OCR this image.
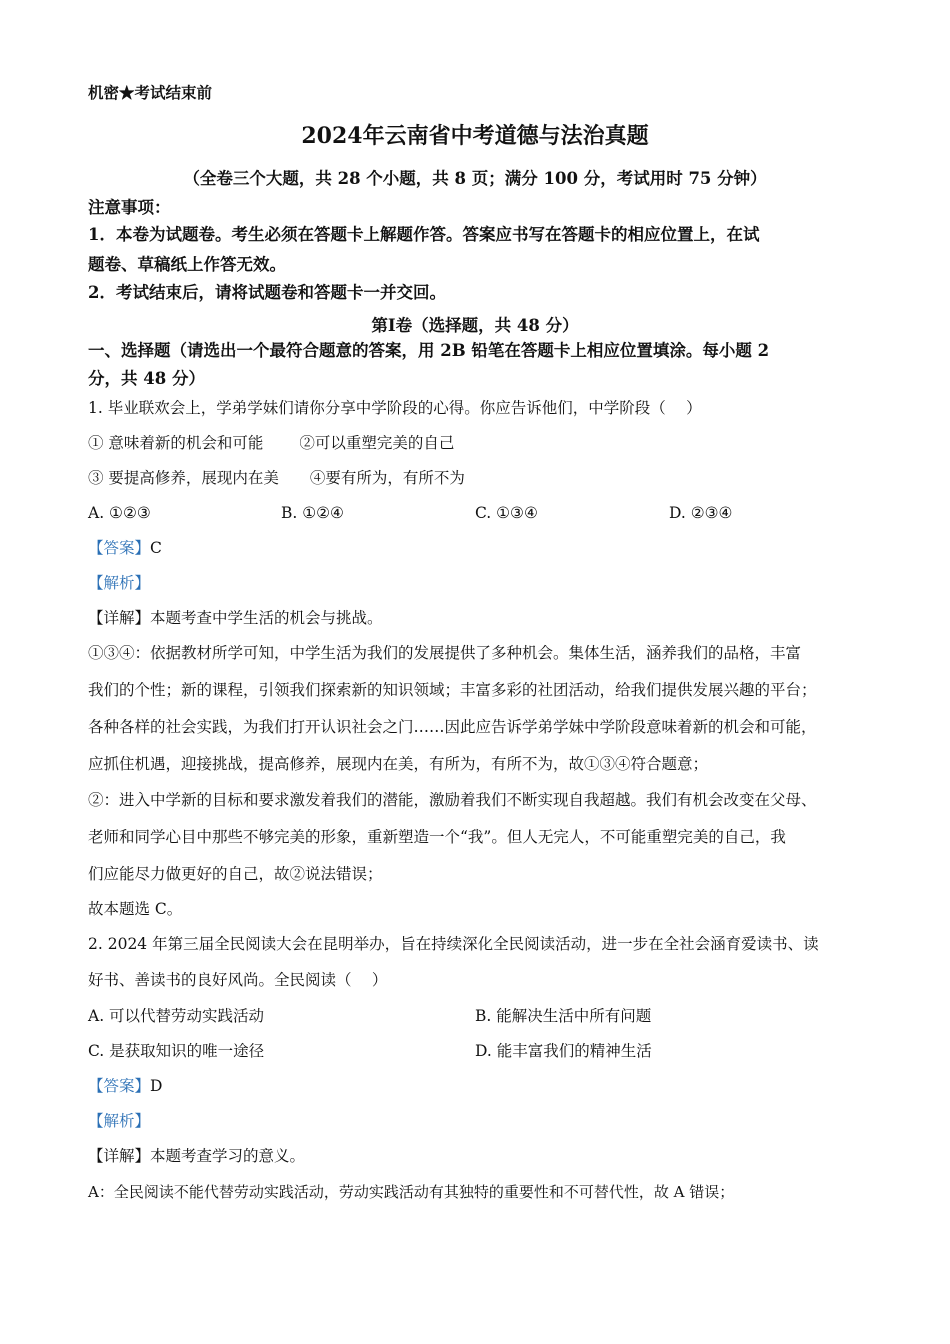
机密★考试结束前
2024年云南省中考道德与法治真题
（全卷三个大题，共 28 个小题，共 8 页；满分 100 分，考试用时 75 分钟）
注意事项：
1．本卷为试题卷。考生必须在答题卡上解题作答。答案应书写在答题卡的相应位置上，在试
题卷、草稿纸上作答无效。
2．考试结束后，请将试题卷和答题卡一并交回。
第Ⅰ卷（选择题，共 48 分）
一、选择题（请选出一个最符合题意的答案，用 2B 铅笔在答题卡上相应位置填涂。每小题 2
分，共 48 分）
1. 毕业联欢会上，学弟学妹们请你分享中学阶段的心得。你应告诉他们，中学阶段（　 ）
① 意味着新的机会和可能　　 ②可以重塑完美的自己
③ 要提高修养，展现内在美　　④要有所为，有所不为
A. ①②③	B. ①②④	C. ①③④	D. ②③④
【答案】C
【解析】
【详解】本题考查中学生活的机会与挑战。
①③④：依据教材所学可知，中学生活为我们的发展提供了多种机会。集体生活，涵养我们的品格，丰富
我们的个性；新的课程，引领我们探索新的知识领域；丰富多彩的社团活动，给我们提供发展兴趣的平台；
各种各样的社会实践，为我们打开认识社会之门……因此应告诉学弟学妹中学阶段意味着新的机会和可能，
应抓住机遇，迎接挑战，提高修养，展现内在美，有所为，有所不为，故①③④符合题意；
②：进入中学新的目标和要求激发着我们的潜能，激励着我们不断实现自我超越。我们有机会改变在父母、
老师和同学心目中那些不够完美的形象，重新塑造一个“我”。但人无完人，不可能重塑完美的自己，我
们应能尽力做更好的自己，故②说法错误；
故本题选 C。
2. 2024 年第三届全民阅读大会在昆明举办，旨在持续深化全民阅读活动，进一步在全社会涵育爱读书、读
好书、善读书的良好风尚。全民阅读（　 ）
A. 可以代替劳动实践活动	B. 能解决生活中所有问题
C. 是获取知识的唯一途径	D. 能丰富我们的精神生活
【答案】D
【解析】
【详解】本题考查学习的意义。
A：全民阅读不能代替劳动实践活动，劳动实践活动有其独特的重要性和不可替代性，故 A 错误；
